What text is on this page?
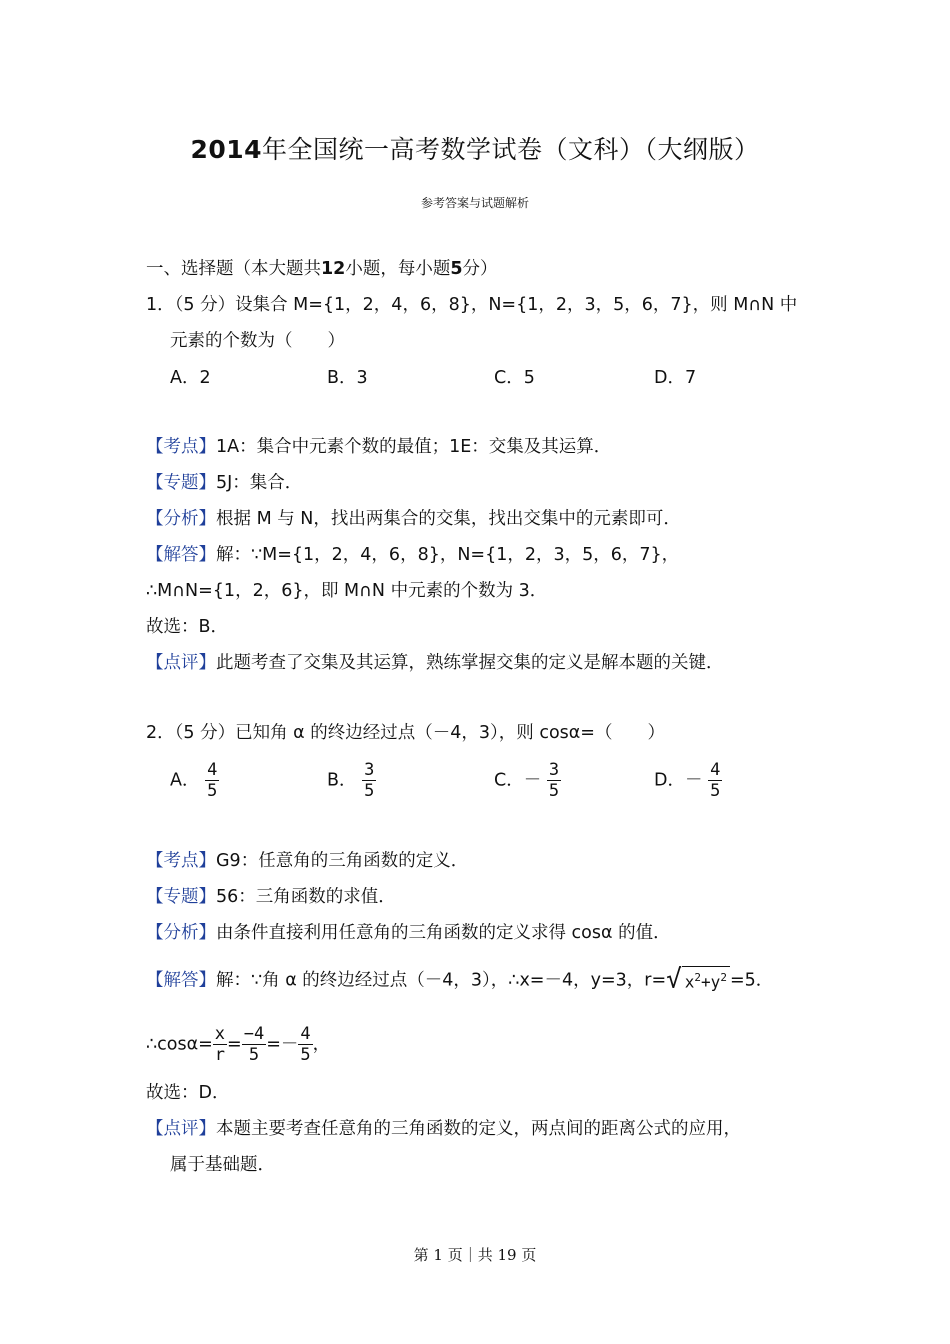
2014年全国统一高考数学试卷（文科）（大纲版）
参考答案与试题解析
一、选择题（本大题共12小题，每小题5分）
1．（5 分）设集合 M={1，2，4，6，8}，N={1，2，3，5，6，7}，则 M∩N 中
元素的个数为（　　）
A．2	B．3	C．5	D．7
【考点】1A：集合中元素个数的最值；1E：交集及其运算．
【专题】5J：集合．
【分析】根据 M 与 N，找出两集合的交集，找出交集中的元素即可．
【解答】解：∵M={1，2，4，6，8}，N={1，2，3，5，6，7}，
∴M∩N={1，2，6}，即 M∩N 中元素的个数为 3．
故选：B．
【点评】此题考查了交集及其运算，熟练掌握交集的定义是解本题的关键．
2．（5 分）已知角 α 的终边经过点（－4，3），则 cosα=（　　）
A． $\frac{4}{5}$	B． $\frac{3}{5}$	C．－ $\frac{3}{5}$	D．－ $\frac{4}{5}$
【考点】G9：任意角的三角函数的定义．
【专题】56：三角函数的求值．
【分析】由条件直接利用任意角的三角函数的定义求得 cosα 的值．
【解答】解：∵角 α 的终边经过点（－4，3），∴x=－4，y=3，r=√ $x^2+y^2 =5$．
∴cosα= $\frac{x}{r} = \frac{-4}{5} =- \frac{4}{5}$ ，
故选：D．
【点评】本题主要考查任意角的三角函数的定义，两点间的距离公式的应用，
属于基础题．
第 1 页｜共 19 页
